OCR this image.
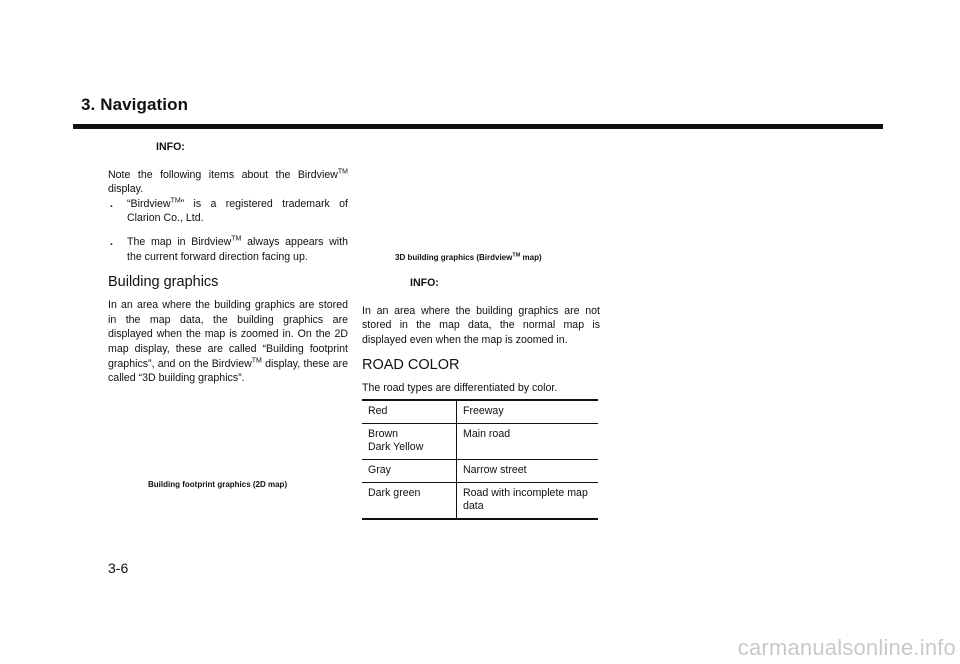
3. Navigation
INFO:

Note the following items about the Birdview™ display.

. “Birdview™” is a registered trademark of Clarion Co., Ltd.
. The map in Birdview™ always appears with the current forward direction facing up.
Building graphics

In an area where the building graphics are stored in the map data, the building graphics are displayed when the map is zoomed in. On the 2D map display, these are called “Building footprint graphics”, and on the Birdview™ display, these are called “3D building graphics”.

Building footprint graphics (2D map)
3D building graphics (Birdview™ map)
INFO:

In an area where the building graphics are not stored in the map data, the normal map is displayed even when the map is zoomed in.

ROAD COLOR

The road types are differentiated by color.

Red	Freeway
Brown
Dark Yellow	Main road
Gray	Narrow street
Dark green	Road with incomplete map data

3-6

carmanualsonline.info
